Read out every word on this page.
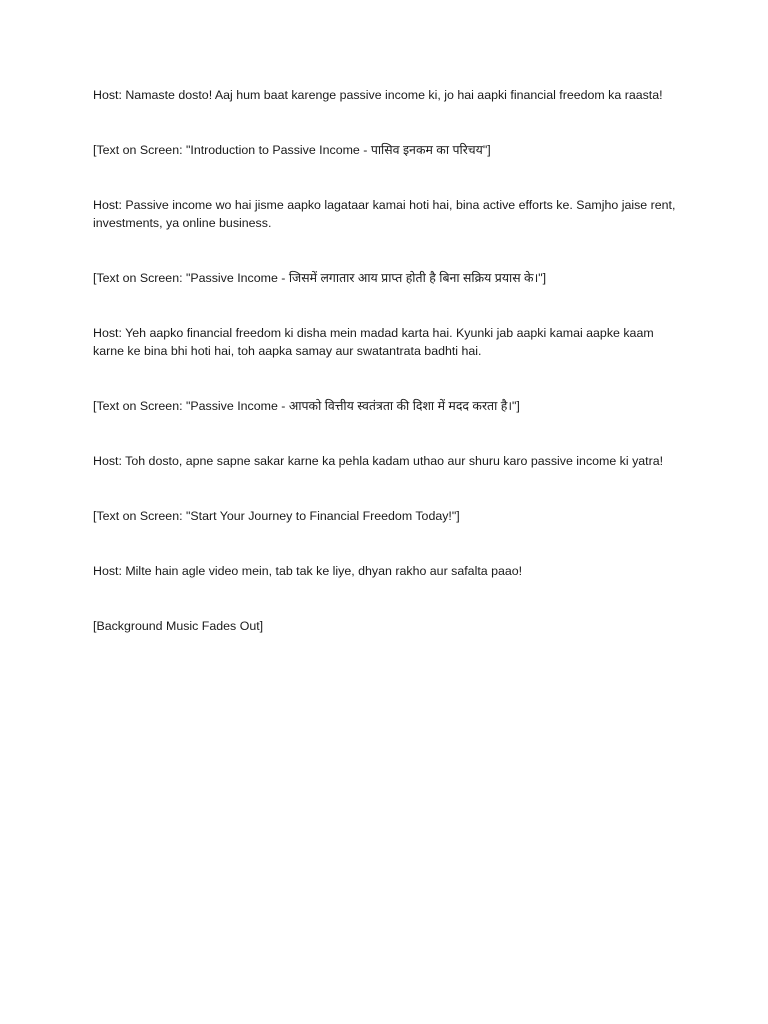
Host: Namaste dosto! Aaj hum baat karenge passive income ki, jo hai aapki financial freedom ka raasta!

[Text on Screen: "Introduction to Passive Income - पासिव इनकम का परिचय"]

Host: Passive income wo hai jisme aapko lagataar kamai hoti hai, bina active efforts ke. Samjho jaise rent, investments, ya online business.

[Text on Screen: "Passive Income - जिसमें लगातार आय प्राप्त होती है बिना सक्रिय प्रयास के।"]

Host: Yeh aapko financial freedom ki disha mein madad karta hai. Kyunki jab aapki kamai aapke kaam karne ke bina bhi hoti hai, toh aapka samay aur swatantrata badhti hai.

[Text on Screen: "Passive Income - आपको वित्तीय स्वतंत्रता की दिशा में मदद करता है।"]

Host: Toh dosto, apne sapne sakar karne ka pehla kadam uthao aur shuru karo passive income ki yatra!

[Text on Screen: "Start Your Journey to Financial Freedom Today!"]

Host: Milte hain agle video mein, tab tak ke liye, dhyan rakho aur safalta paao!

[Background Music Fades Out]
